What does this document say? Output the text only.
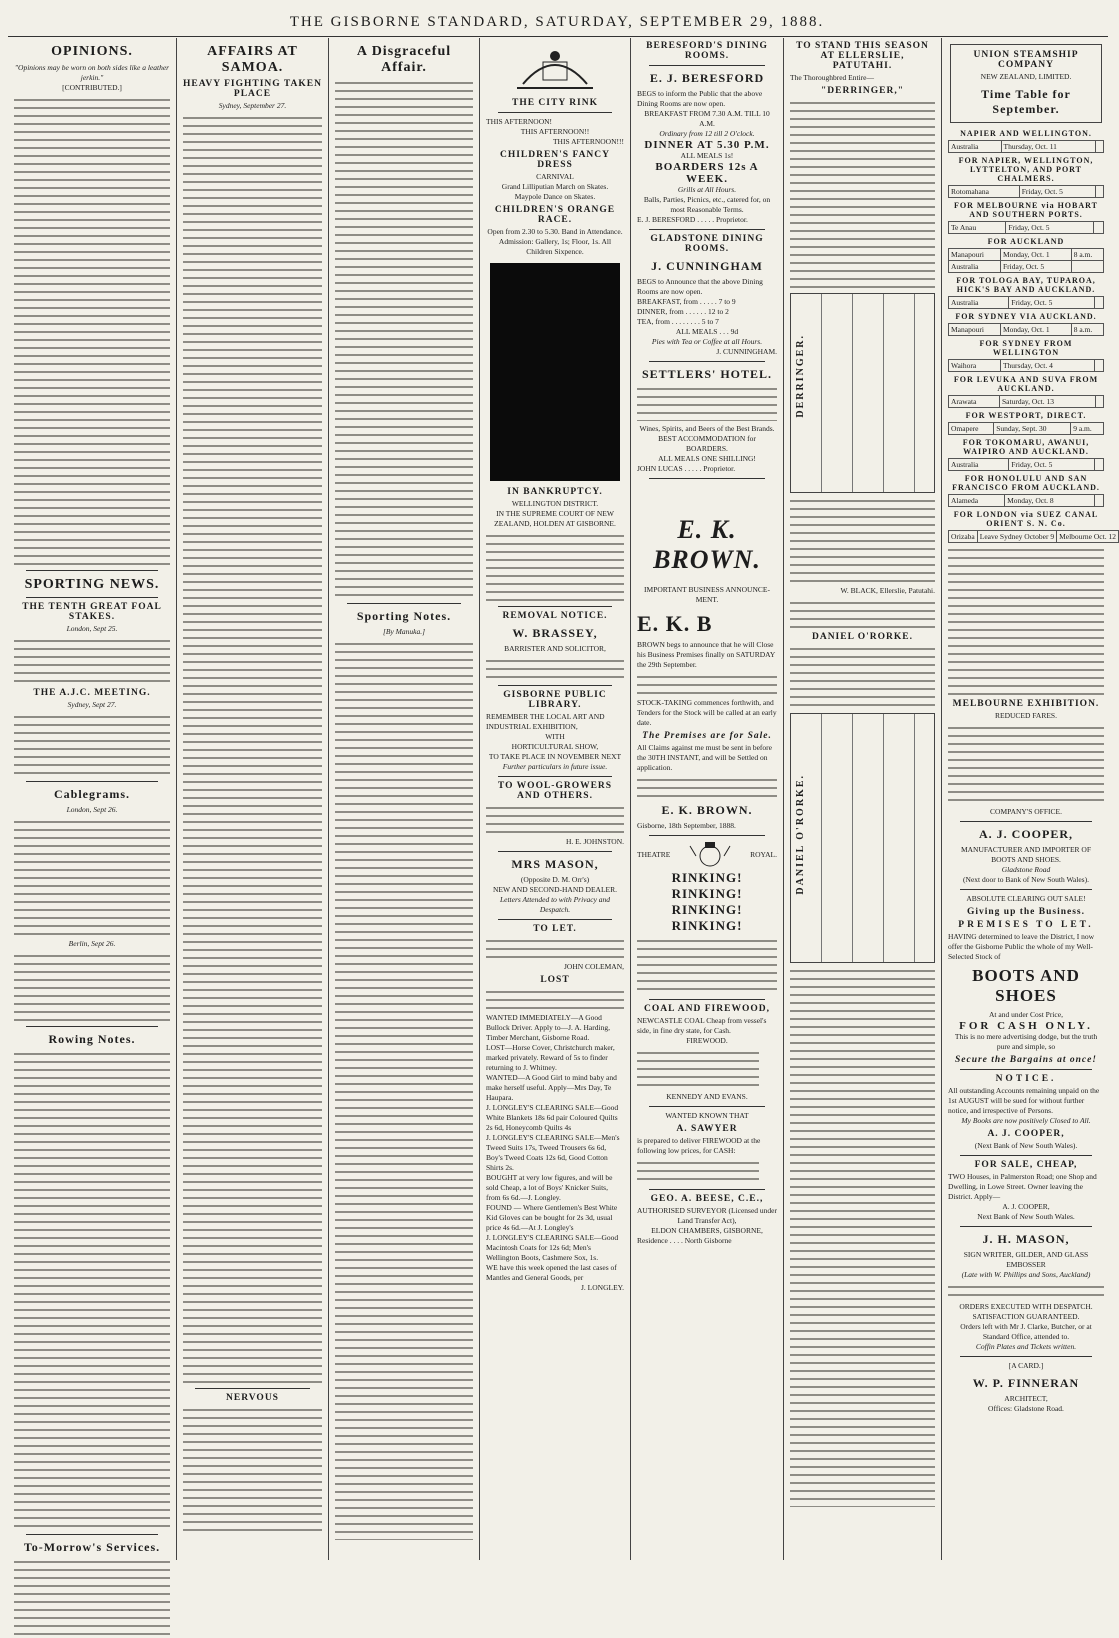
THE GISBORNE STANDARD, SATURDAY, SEPTEMBER 29, 1888.
OPINIONS.
"Opinions may be worn on both sides like a leather jerkin."
[CONTRIBUTED.]
SPORTING NEWS.
THE TENTH GREAT FOAL STAKES.
London, Sept 25.
THE A.J.C. MEETING.
Sydney, Sept 27.
Cablegrams.
London, Sept 26.
Berlin, Sept 26.
Rowing Notes.
To-Morrow's Services.
AFFAIRS AT SAMOA.
HEAVY FIGHTING TAKEN PLACE
Sydney, September 27.
NERVOUS
A Disgraceful Affair.
Sporting Notes.
[By Manuka.]
THE CITY RINK
THIS AFTERNOON!
THIS AFTERNOON!!
THIS AFTERNOON!!!
CHILDREN'S FANCY DRESS
CARNIVAL
Grand Lilliputian March on Skates.
Maypole Dance on Skates.
CHILDREN'S ORANGE RACE.
Open from 2.30 to 5.30. Band in Attendance.
Admission: Gallery, 1s; Floor, 1s. All Children Sixpence.
IN BANKRUPTCY.
WELLINGTON DISTRICT.
IN THE SUPREME COURT OF NEW ZEALAND, HOLDEN AT GISBORNE.
REMOVAL NOTICE.
W. BRASSEY,
BARRISTER AND SOLICITOR,
GISBORNE PUBLIC LIBRARY.
REMEMBER THE LOCAL ART AND INDUSTRIAL EXHIBITION,
WITH
HORTICULTURAL SHOW,
TO TAKE PLACE IN NOVEMBER NEXT
Further particulars in future issue.
TO WOOL-GROWERS AND OTHERS.
H. E. JOHNSTON.
MRS MASON,
(Opposite D. M. Orr's)
NEW AND SECOND-HAND DEALER.
Letters Attended to with Privacy and Despatch.
TO LET.
JOHN COLEMAN,
LOST
WANTED IMMEDIATELY—A Good Bullock Driver. Apply to—J. A. Harding, Timber Merchant, Gisborne Road.
LOST—Horse Cover, Christchurch maker, marked privately. Reward of 5s to finder returning to J. Whitney.
WANTED—A Good Girl to mind baby and make herself useful. Apply—Mrs Day, Te Haupara.
J. LONGLEY'S CLEARING SALE—Good White Blankets 18s 6d pair Coloured Quilts 2s 6d, Honeycomb Quilts 4s
J. LONGLEY'S CLEARING SALE—Men's Tweed Suits 17s, Tweed Trousers 6s 6d, Boy's Tweed Coats 12s 6d, Good Cotton Shirts 2s.
BOUGHT at very low figures, and will be sold Cheap, a lot of Boys' Knicker Suits, from 6s 6d.—J. Longley.
FOUND — Where Gentlemen's Best White Kid Gloves can be bought for 2s 3d, usual price 4s 6d.—At J. Longley's
J. LONGLEY'S CLEARING SALE—Good Macintosh Coats for 12s 6d; Men's Wellington Boots, Cashmere Sox, 1s.
WE have this week opened the last cases of Mantles and General Goods, per
J. LONGLEY.
BERESFORD'S DINING ROOMS.
E. J. BERESFORD
BEGS to inform the Public that the above Dining Rooms are now open.
BREAKFAST FROM 7.30 A.M. TILL 10 A.M.
Ordinary from 12 till 2 O'clock.
DINNER AT 5.30 P.M.
ALL MEALS 1s!
BOARDERS 12s A WEEK.
Grills at All Hours.
Balls, Parties, Picnics, etc., catered for, on most Reasonable Terms.
E. J. BERESFORD . . . . . Proprietor.
GLADSTONE DINING ROOMS.
J. CUNNINGHAM
BEGS to Announce that the above Dining Rooms are now open.
BREAKFAST, from . . . . . 7 to 9
DINNER, from . . . . . . 12 to 2
TEA, from . . . . . . . . 5 to 7
ALL MEALS . . . 9d
Pies with Tea or Coffee at all Hours.
J. CUNNINGHAM.
SETTLERS' HOTEL.
Wines, Spirits, and Beers of the Best Brands.
BEST ACCOMMODATION for BOARDERS.
ALL MEALS ONE SHILLING!
JOHN LUCAS . . . . . Proprietor.
E. K. BROWN.
IMPORTANT BUSINESS ANNOUNCE-MENT.
E. K. B
BROWN begs to announce that he will Close his Business Premises finally on SATURDAY the 29th September.
STOCK-TAKING commences forthwith, and Tenders for the Stock will be called at an early date.
The Premises are for Sale.
All Claims against me must be sent in before the 30TH INSTANT, and will be Settled on application.
E. K. BROWN.
Gisborne, 18th September, 1888.
THEATRE	ROYAL.
RINKING!
RINKING! RINKING!
RINKING!
COAL AND FIREWOOD,
NEWCASTLE COAL Cheap from vessel's side, in fine dry state, for Cash.
FIREWOOD.
KENNEDY AND EVANS.
WANTED KNOWN THAT
A. SAWYER
is prepared to deliver FIREWOOD at the following low prices, for CASH:
GEO. A. BEESE, C.E.,
AUTHORISED SURVEYOR (Licensed under Land Transfer Act),
ELDON CHAMBERS, GISBORNE,
Residence . . . . North Gisborne
TO STAND THIS SEASON AT ELLERSLIE, PATUTAHI.
The Thoroughbred Entire—
"DERRINGER,"
DERRINGER.
W. BLACK, Ellerslie, Patutahi.
DANIEL O'RORKE.
DANIEL O'RORKE.
UNION STEAMSHIP COMPANY
NEW ZEALAND, LIMITED.
Time Table for September.
NAPIER AND WELLINGTON.
Australia	Thursday, Oct. 11	
FOR NAPIER, WELLINGTON, LYTTELTON, AND PORT CHALMERS.
Rotomahana	Friday, Oct. 5	
FOR MELBOURNE via HOBART AND SOUTHERN PORTS.
Te Anau	Friday, Oct. 5	
FOR AUCKLAND
Manapouri	Monday, Oct. 1	8 a.m.
Australia	Friday, Oct. 5	
FOR TOLOGA BAY, TUPAROA, HICK'S BAY AND AUCKLAND.
Australia	Friday, Oct. 5	
FOR SYDNEY VIA AUCKLAND.
Manapouri	Monday, Oct. 1	8 a.m.
FOR SYDNEY FROM WELLINGTON
Waihora	Thursday, Oct. 4	
FOR LEVUKA AND SUVA FROM AUCKLAND.
Arawata	Saturday, Oct. 13	
FOR WESTPORT, DIRECT.
Omapere	Sunday, Sept. 30	9 a.m.
FOR TOKOMARU, AWANUI, WAIPIRO AND AUCKLAND.
Australia	Friday, Oct. 5	
FOR HONOLULU AND SAN FRANCISCO FROM AUCKLAND.
Alameda	Monday, Oct. 8	
FOR LONDON via SUEZ CANAL ORIENT S. N. Co.
Orizaba	Leave Sydney October 9	Melbourne Oct. 12
MELBOURNE EXHIBITION.
REDUCED FARES.
COMPANY'S OFFICE.
A. J. COOPER,
MANUFACTURER AND IMPORTER OF BOOTS AND SHOES.
Gladstone Road
(Next door to Bank of New South Wales).
ABSOLUTE CLEARING OUT SALE!
Giving up the Business.
PREMISES TO LET.
HAVING determined to leave the District, I now offer the Gisborne Public the whole of my Well-Selected Stock of
BOOTS AND SHOES
At and under Cost Price,
FOR CASH ONLY.
This is no mere advertising dodge, but the truth pure and simple, so
Secure the Bargains at once!
NOTICE.
All outstanding Accounts remaining unpaid on the 1st AUGUST will be sued for without further notice, and irrespective of Persons.
My Books are now positively Closed to All.
A. J. COOPER,
(Next Bank of New South Wales).
FOR SALE, CHEAP,
TWO Houses, in Palmerston Road; one Shop and Dwelling, in Lowe Street. Owner leaving the District. Apply—
A. J. COOPER,
Next Bank of New South Wales.
J. H. MASON,
SIGN WRITER, GILDER, AND GLASS EMBOSSER
(Late with W. Phillips and Sons, Auckland)
ORDERS EXECUTED WITH DESPATCH. SATISFACTION GUARANTEED.
Orders left with Mr J. Clarke, Butcher, or at Standard Office, attended to.
Coffin Plates and Tickets written.
[A CARD.]
W. P. FINNERAN
ARCHITECT,
Offices: Gladstone Road.
